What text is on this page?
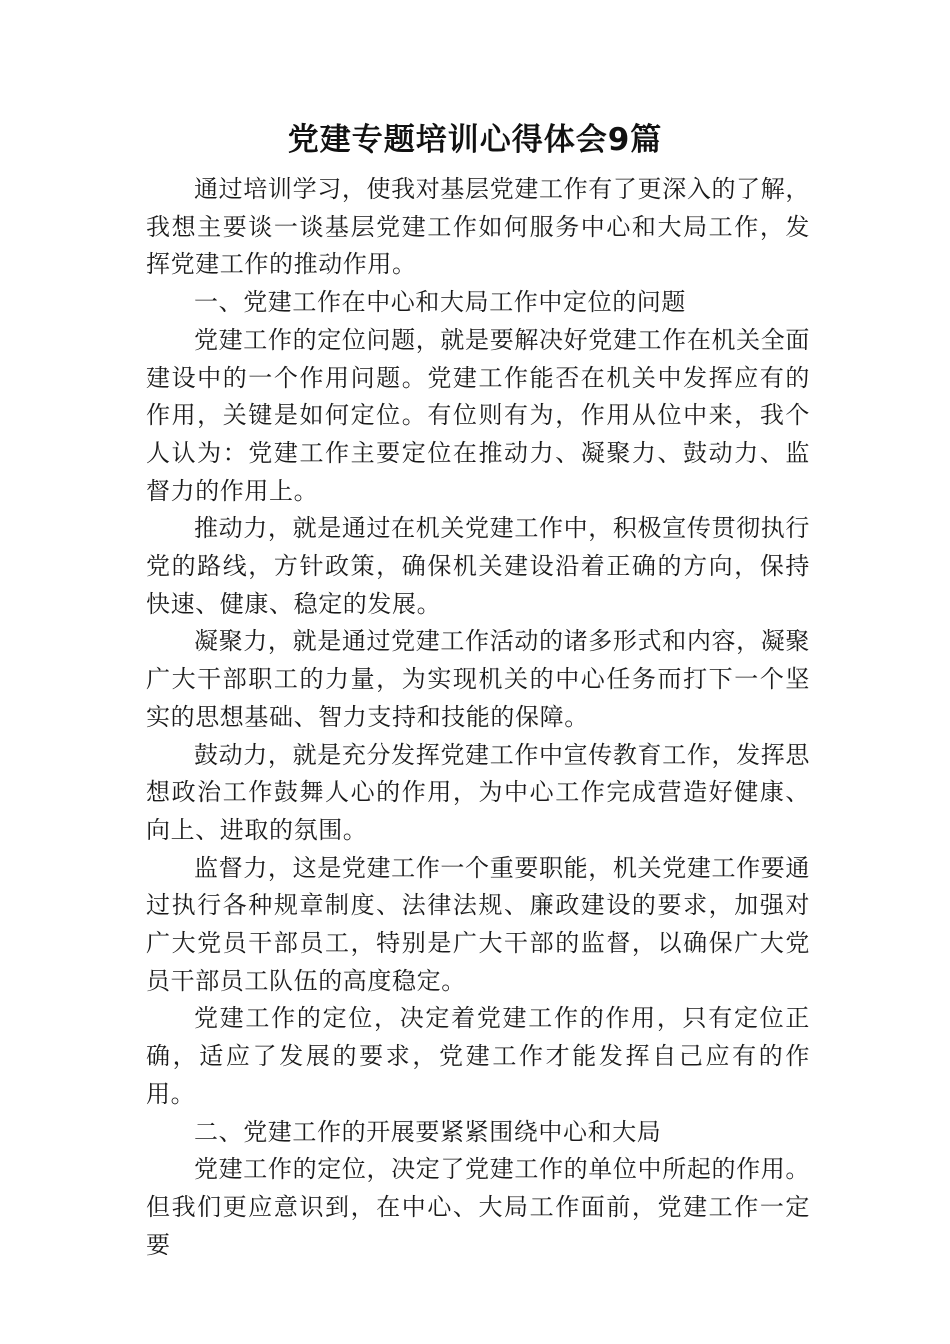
党建专题培训心得体会9篇

通过培训学习，使我对基层党建工作有了更深入的了解，我想主要谈一谈基层党建工作如何服务中心和大局工作，发挥党建工作的推动作用。

一、党建工作在中心和大局工作中定位的问题

党建工作的定位问题，就是要解决好党建工作在机关全面建设中的一个作用问题。党建工作能否在机关中发挥应有的作用，关键是如何定位。有位则有为，作用从位中来，我个人认为：党建工作主要定位在推动力、凝聚力、鼓动力、监督力的作用上。

推动力，就是通过在机关党建工作中，积极宣传贯彻执行党的路线，方针政策，确保机关建设沿着正确的方向，保持快速、健康、稳定的发展。

凝聚力，就是通过党建工作活动的诸多形式和内容，凝聚广大干部职工的力量，为实现机关的中心任务而打下一个坚实的思想基础、智力支持和技能的保障。

鼓动力，就是充分发挥党建工作中宣传教育工作，发挥思想政治工作鼓舞人心的作用，为中心工作完成营造好健康、向上、进取的氛围。

监督力，这是党建工作一个重要职能，机关党建工作要通过执行各种规章制度、法律法规、廉政建设的要求，加强对广大党员干部员工，特别是广大干部的监督，以确保广大党员干部员工队伍的高度稳定。

党建工作的定位，决定着党建工作的作用，只有定位正确，适应了发展的要求，党建工作才能发挥自己应有的作用。

二、党建工作的开展要紧紧围绕中心和大局

党建工作的定位，决定了党建工作的单位中所起的作用。但我们更应意识到，在中心、大局工作面前，党建工作一定要
